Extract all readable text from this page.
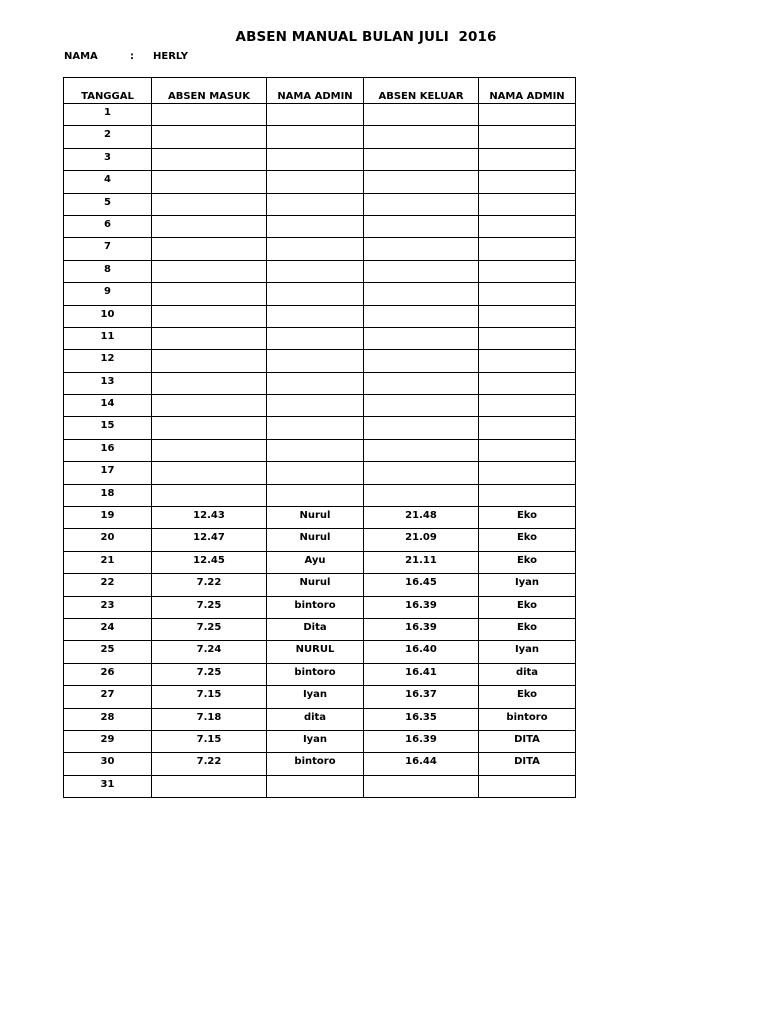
ABSEN MANUAL BULAN JULI  2016
NAMA	: HERLY
TANGGAL	ABSEN MASUK	NAMA ADMIN	ABSEN KELUAR	NAMA ADMIN
1				
2				
3				
4				
5				
6				
7				
8				
9				
10				
11				
12				
13				
14				
15				
16				
17				
18				
19	12.43	Nurul	21.48	Eko
20	12.47	Nurul	21.09	Eko
21	12.45	Ayu	21.11	Eko
22	7.22	Nurul	16.45	Iyan
23	7.25	bintoro	16.39	Eko
24	7.25	Dita	16.39	Eko
25	7.24	NURUL	16.40	Iyan
26	7.25	bintoro	16.41	dita
27	7.15	Iyan	16.37	Eko
28	7.18	dita	16.35	bintoro
29	7.15	Iyan	16.39	DITA
30	7.22	bintoro	16.44	DITA
31				
